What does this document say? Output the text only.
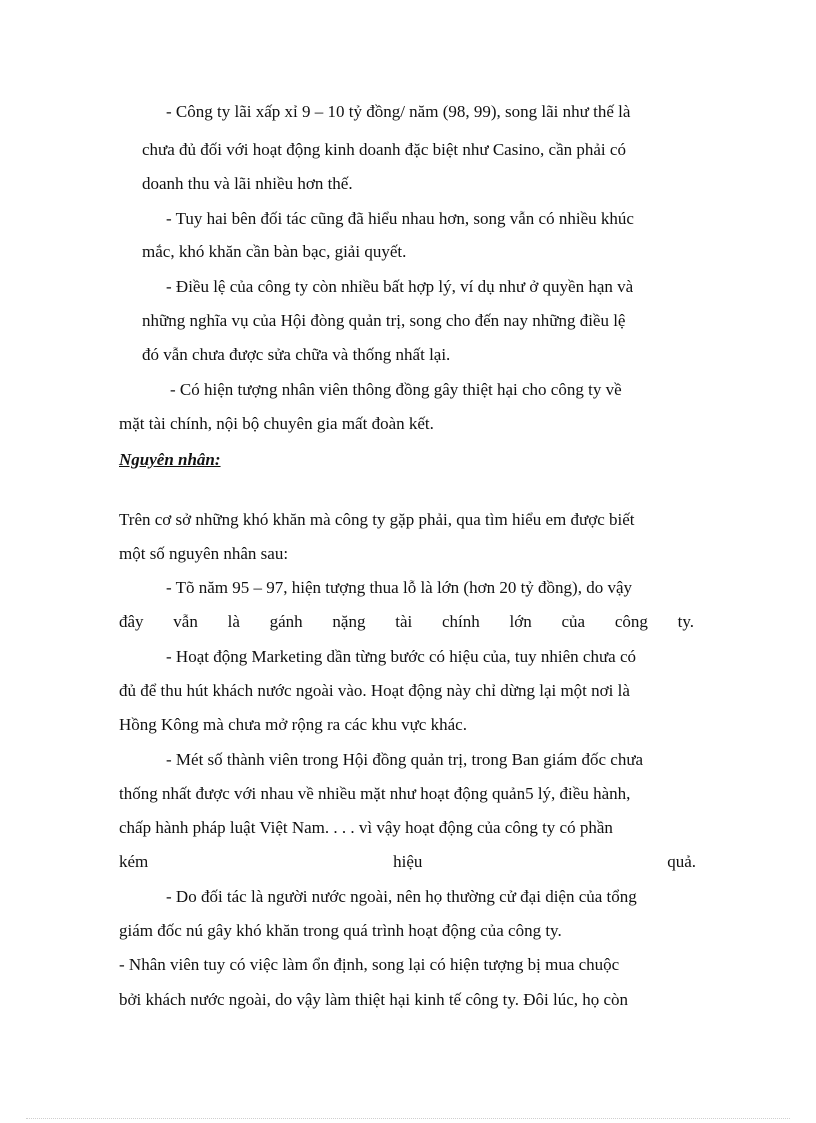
- Công ty lãi xấp xỉ 9 – 10 tỷ đồng/ năm (98, 99), song lãi như thế là
chưa đủ đối với hoạt động kinh doanh đặc biệt như Casino, cần phải có
doanh thu và lãi nhiều hơn thế.
- Tuy hai bên đối tác cũng đã hiểu nhau hơn, song vẫn có nhiều khúc
mắc, khó khăn cần bàn bạc, giải quyết.
- Điều lệ của công ty còn nhiều bất hợp lý, ví dụ như ở quyền hạn và
những nghĩa vụ của Hội đòng quản trị, song cho đến nay những điều lệ
đó vẫn chưa được sửa chữa và thống nhất lại.
- Có hiện tượng nhân viên thông đồng gây thiệt hại cho công ty về
mặt tài chính, nội bộ chuyên gia mất đoàn kết.
Nguyên nhân:
Trên cơ sở những khó khăn mà công ty gặp phải, qua tìm hiểu em được biết
một số nguyên nhân sau:
- Tõ năm 95 – 97, hiện tượng thua lỗ là lớn (hơn 20 tỷ đồng), do vậy
đây vẫn là gánh nặng tài chính lớn của công ty.
- Hoạt động Marketing dần từng bước có hiệu của, tuy nhiên chưa có
đủ để thu hút khách nước ngoài vào. Hoạt động này chỉ dừng lại một nơi là
Hồng Kông mà chưa mở rộng ra các khu vực khác.
- Mét số thành viên trong Hội đồng quản trị, trong Ban giám đốc chưa
thống nhất được với nhau về nhiều mặt như hoạt động quản5 lý, điều hành,
chấp hành pháp luật Việt Nam. . . . vì vậy hoạt động của công ty có phần
kém	hiệu	quả.
- Do đối tác là người nước ngoài, nên họ thường cử đại diện của tổng
giám đốc nú gây khó khăn trong quá trình hoạt động của công ty.
- Nhân viên tuy có việc làm ổn định, song lại có hiện tượng bị mua chuộc
bởi khách nước ngoài, do vậy làm thiệt hại kinh tế công ty. Đôi lúc, họ còn
